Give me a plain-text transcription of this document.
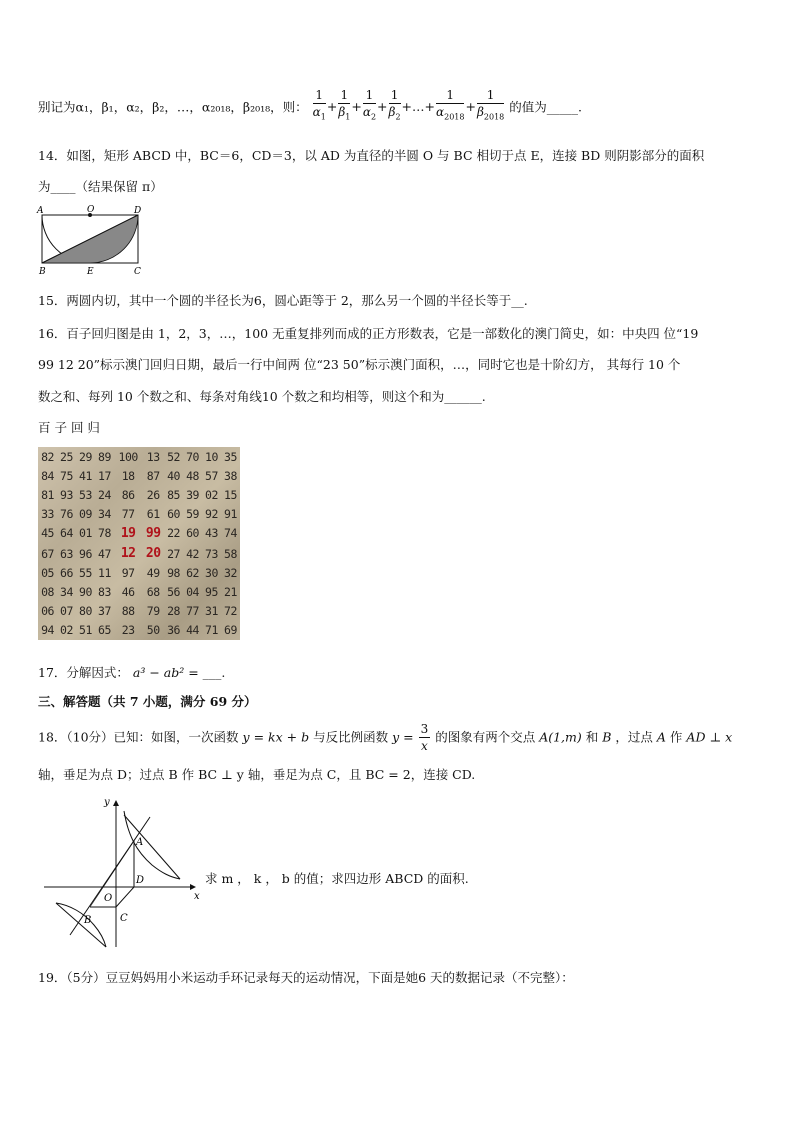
别记为α₁，β₁，α₂，β₂，…，α₂₀₁₈，β₂₀₁₈，则： $\frac{1}{\alpha_1} + \frac{1}{\beta_1} + \frac{1}{\alpha_2} + \frac{1}{\beta_2}$ +…+ $\frac{1}{\alpha_{2018}} + \frac{1}{\beta_{2018}}$ 的值为_____.
14．如图，矩形 ABCD 中，BC＝6，CD＝3，以 AD 为直径的半圆 O 与 BC 相切于点 E，连接 BD 则阴影部分的面积
为____（结果保留 π）
A	O	D
B	E	C
15．两圆内切，其中一个圆的半径长为6，圆心距等于 2，那么另一个圆的半径长等于__.
16．百子回归图是由 1，2，3，…，100 无重复排列而成的正方形数表，它是一部数化的澳门简史，如：中央四 位“19
99 12 20”标示澳门回归日期，最后一行中间两 位“23 50”标示澳门面积，…，同时它也是十阶幻方， 其每行 10 个
数之和、每列 10 个数之和、每条对角线10 个数之和均相等，则这个和为______.
百 子 回 归
82	25	29	89	100	13	52	70	10	35
84	75	41	17	18	87	40	48	57	38
81	93	53	24	86	26	85	39	02	15
33	76	09	34	77	61	60	59	92	91
45	64	01	78	19	99	22	60	43	74
67	63	96	47	12	20	27	42	73	58
05	66	55	11	97	49	98	62	30	32
08	34	90	83	46	68	56	04	95	21
06	07	80	37	88	79	28	77	31	72
94	02	51	65	23	50	36	44	71	69
17．分解因式： a³ − ab² = ___.
三、解答题（共 7 小题，满分 69 分）
18．（10分）已知：如图，一次函数 y = kx + b 与反比例函数 $y = \frac{3}{x}$ 的图象有两个交点 A(1,m) 和 B ，过点 A 作 AD ⊥ x
轴，垂足为点 D；过点 B 作 BC ⊥ y 轴，垂足为点 C，且 BC = 2，连接 CD.
x
y
A
D
O
C
B
求 m ， k ， b 的值；求四边形 ABCD 的面积.
19．（5分）豆豆妈妈用小米运动手环记录每天的运动情况，下面是她6 天的数据记录（不完整）：
